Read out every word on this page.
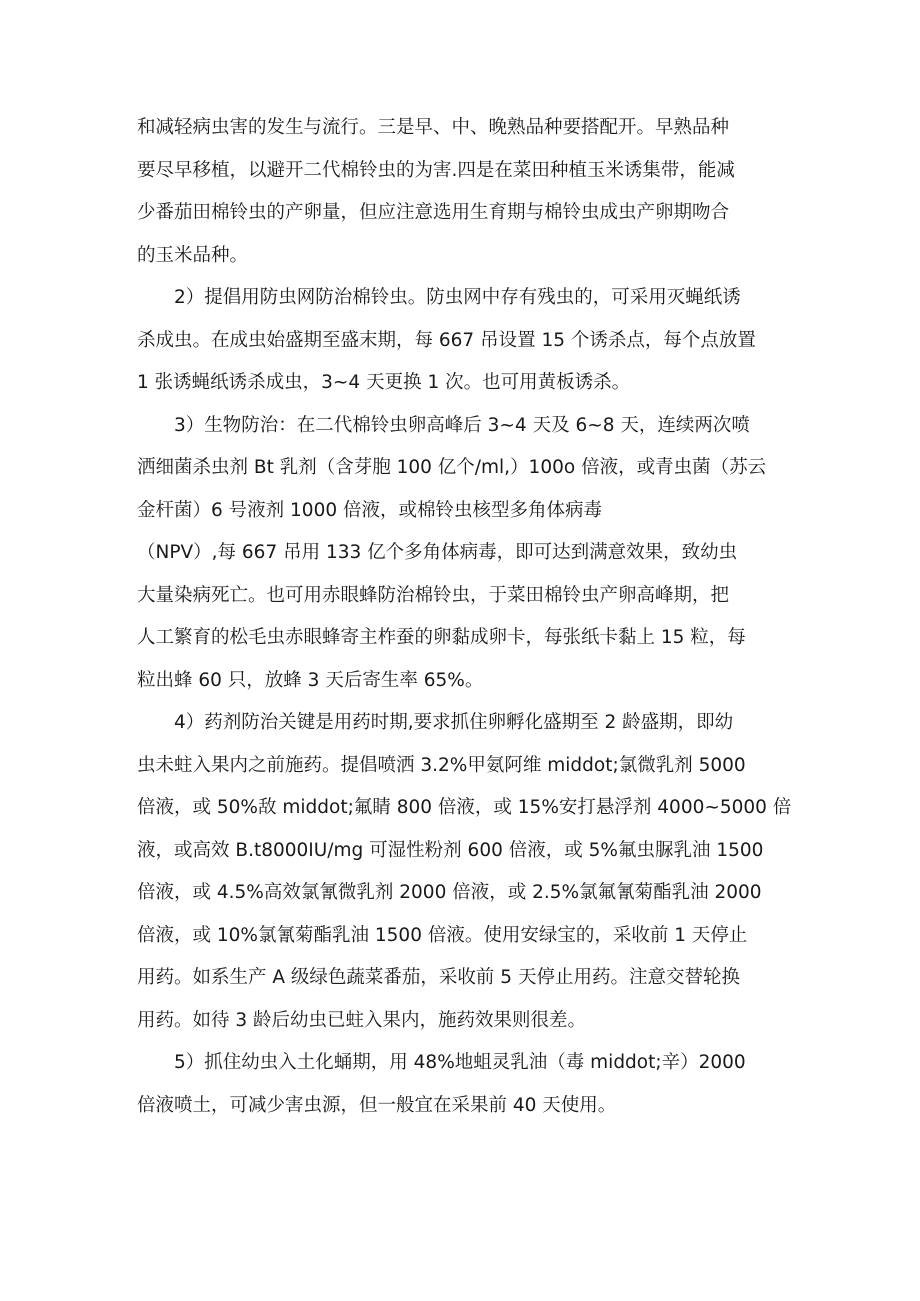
和减轻病虫害的发生与流行。三是早、中、晚熟品种要搭配开。早熟品种

要尽早移植，以避开二代棉铃虫的为害.四是在菜田种植玉米诱集带，能减

少番茄田棉铃虫的产卵量，但应注意选用生育期与棉铃虫成虫产卵期吻合

的玉米品种。

　　2）提倡用防虫网防治棉铃虫。防虫网中存有残虫的，可采用灭蝇纸诱

杀成虫。在成虫始盛期至盛末期，每 667 吊设置 15 个诱杀点，每个点放置

1 张诱蝇纸诱杀成虫，3~4 天更换 1 次。也可用黄板诱杀。

　　3）生物防治：在二代棉铃虫卵高峰后 3~4 天及 6~8 天，连续两次喷

洒细菌杀虫剂 Bt 乳剂（含芽胞 100 亿个/ml,）100o 倍液，或青虫菌（苏云

金杆菌）6 号液剂 1000 倍液，或棉铃虫核型多角体病毒

（NPV）,每 667 吊用 133 亿个多角体病毒，即可达到满意效果，致幼虫

大量染病死亡。也可用赤眼蜂防治棉铃虫，于菜田棉铃虫产卵高峰期，把

人工繁育的松毛虫赤眼蜂寄主柞蚕的卵黏成卵卡，每张纸卡黏上 15 粒，每

粒出蜂 60 只，放蜂 3 天后寄生率 65%。

　　4）药剂防治关键是用药时期,要求抓住卵孵化盛期至 2 龄盛期，即幼

虫未蛀入果内之前施药。提倡喷洒 3.2%甲氨阿维 middot;氯微乳剂 5000

倍液，或 50%敌 middot;氟睛 800 倍液，或 15%安打悬浮剂 4000~5000 倍

液，或高效 B.t8000IU/mg 可湿性粉剂 600 倍液，或 5%氟虫脲乳油 1500

倍液，或 4.5%高效氯氰微乳剂 2000 倍液，或 2.5%氯氟氰菊酯乳油 2000

倍液，或 10%氯氰菊酯乳油 1500 倍液。使用安绿宝的，采收前 1 天停止

用药。如系生产 A 级绿色蔬菜番茄，采收前 5 天停止用药。注意交替轮换

用药。如待 3 龄后幼虫已蛀入果内，施药效果则很差。

　　5）抓住幼虫入土化蛹期，用 48%地蛆灵乳油（毒 middot;辛）2000

倍液喷土，可减少害虫源，但一般宜在采果前 40 天使用。
